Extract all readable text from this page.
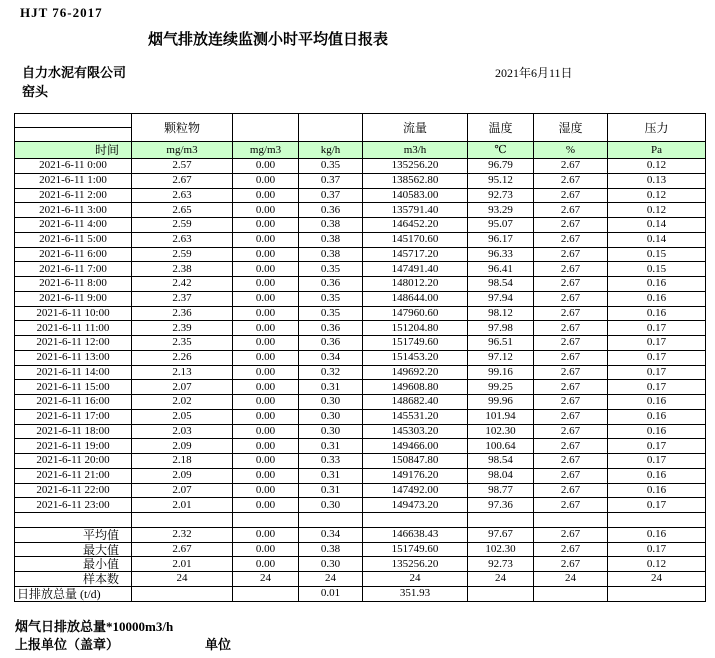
HJT 76-2017
烟气排放连续监测小时平均值日报表
自力水泥有限公司
窑头
2021年6月11日
	颗粒物			流量	温度	湿度	压力

时间	mg/m3	mg/m3	kg/h	m3/h	℃	%	Pa
2021-6-11 0:00	2.57	0.00	0.35	135256.20	96.79	2.67	0.12
2021-6-11 1:00	2.67	0.00	0.37	138562.80	95.12	2.67	0.13
2021-6-11 2:00	2.63	0.00	0.37	140583.00	92.73	2.67	0.12
2021-6-11 3:00	2.65	0.00	0.36	135791.40	93.29	2.67	0.12
2021-6-11 4:00	2.59	0.00	0.38	146452.20	95.07	2.67	0.14
2021-6-11 5:00	2.63	0.00	0.38	145170.60	96.17	2.67	0.14
2021-6-11 6:00	2.59	0.00	0.38	145717.20	96.33	2.67	0.15
2021-6-11 7:00	2.38	0.00	0.35	147491.40	96.41	2.67	0.15
2021-6-11 8:00	2.42	0.00	0.36	148012.20	98.54	2.67	0.16
2021-6-11 9:00	2.37	0.00	0.35	148644.00	97.94	2.67	0.16
2021-6-11 10:00	2.36	0.00	0.35	147960.60	98.12	2.67	0.16
2021-6-11 11:00	2.39	0.00	0.36	151204.80	97.98	2.67	0.17
2021-6-11 12:00	2.35	0.00	0.36	151749.60	96.51	2.67	0.17
2021-6-11 13:00	2.26	0.00	0.34	151453.20	97.12	2.67	0.17
2021-6-11 14:00	2.13	0.00	0.32	149692.20	99.16	2.67	0.17
2021-6-11 15:00	2.07	0.00	0.31	149608.80	99.25	2.67	0.17
2021-6-11 16:00	2.02	0.00	0.30	148682.40	99.96	2.67	0.16
2021-6-11 17:00	2.05	0.00	0.30	145531.20	101.94	2.67	0.16
2021-6-11 18:00	2.03	0.00	0.30	145303.20	102.30	2.67	0.16
2021-6-11 19:00	2.09	0.00	0.31	149466.00	100.64	2.67	0.17
2021-6-11 20:00	2.18	0.00	0.33	150847.80	98.54	2.67	0.17
2021-6-11 21:00	2.09	0.00	0.31	149176.20	98.04	2.67	0.16
2021-6-11 22:00	2.07	0.00	0.31	147492.00	98.77	2.67	0.16
2021-6-11 23:00	2.01	0.00	0.30	149473.20	97.36	2.67	0.17

平均值	2.32	0.00	0.34	146638.43	97.67	2.67	0.16
最大值	2.67	0.00	0.38	151749.60	102.30	2.67	0.17
最小值	2.01	0.00	0.30	135256.20	92.73	2.67	0.12
样本数	24	24	24	24	24	24	24
日排放总量 (t/d)			0.01	351.93			
烟气日排放总量*10000m3/h
上报单位（盖章）	单位
